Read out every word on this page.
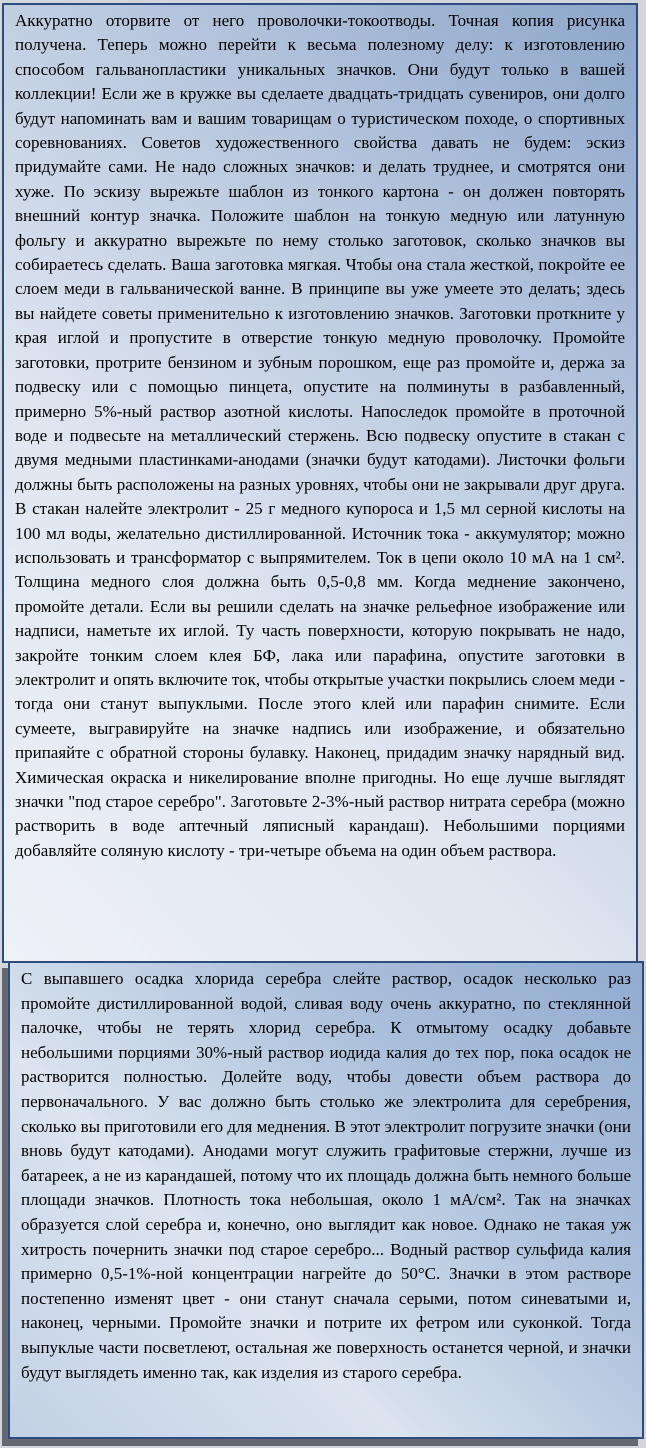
Аккуратно оторвите от него проволочки-токоотводы. Точная копия рисунка получена. Теперь можно перейти к весьма полезному делу: к изготовлению способом гальванопластики уникальных значков. Они будут только в вашей коллекции! Если же в кружке вы сделаете двадцать-тридцать сувениров, они долго будут напоминать вам и вашим товарищам о туристическом походе, о спортивных соревнованиях. Советов художественного свойства давать не будем: эскиз придумайте сами. Не надо сложных значков: и делать труднее, и смотрятся они хуже. По эскизу вырежьте шаблон из тонкого картона - он должен повторять внешний контур значка. Положите шаблон на тонкую медную или латунную фольгу и аккуратно вырежьте по нему столько заготовок, сколько значков вы собираетесь сделать. Ваша заготовка мягкая. Чтобы она стала жесткой, покройте ее слоем меди в гальванической ванне. В принципе вы уже умеете это делать; здесь вы найдете советы применительно к изготовлению значков. Заготовки проткните у края иглой и пропустите в отверстие тонкую медную проволочку. Промойте заготовки, протрите бензином и зубным порошком, еще раз промойте и, держа за подвеску или с помощью пинцета, опустите на полминуты в разбавленный, примерно 5%-ный раствор азотной кислоты. Напоследок промойте в проточной воде и подвесьте на металлический стержень. Всю подвеску опустите в стакан с двумя медными пластинками-анодами (значки будут катодами). Листочки фольги должны быть расположены на разных уровнях, чтобы они не закрывали друг друга. В стакан налейте электролит - 25 г медного купороса и 1,5 мл серной кислоты на 100 мл воды, желательно дистиллированной. Источник тока - аккумулятор; можно использовать и трансформатор с выпрямителем. Ток в цепи около 10 мА на 1 см². Толщина медного слоя должна быть 0,5-0,8 мм. Когда меднение закончено, промойте детали. Если вы решили сделать на значке рельефное изображение или надписи, наметьте их иглой. Ту часть поверхности, которую покрывать не надо, закройте тонким слоем клея БФ, лака или парафина, опустите заготовки в электролит и опять включите ток, чтобы открытые участки покрылись слоем меди - тогда они станут выпуклыми. После этого клей или парафин снимите. Если сумеете, выгравируйте на значке надпись или изображение, и обязательно припаяйте с обратной стороны булавку. Наконец, придадим значку нарядный вид. Химическая окраска и никелирование вполне пригодны. Но еще лучше выглядят значки "под старое серебро". Заготовьте 2-3%-ный раствор нитрата серебра (можно растворить в воде аптечный ляписный карандаш). Небольшими порциями добавляйте соляную кислоту - три-четыре объема на один объем раствора.

С выпавшего осадка хлорида серебра слейте раствор, осадок несколько раз промойте дистиллированной водой, сливая воду очень аккуратно, по стеклянной палочке, чтобы не терять хлорид серебра. К отмытому осадку добавьте небольшими порциями 30%-ный раствор иодида калия до тех пор, пока осадок не растворится полностью. Долейте воду, чтобы довести объем раствора до первоначального. У вас должно быть столько же электролита для серебрения, сколько вы приготовили его для меднения. В этот электролит погрузите значки (они вновь будут катодами). Анодами могут служить графитовые стержни, лучше из батареек, а не из карандашей, потому что их площадь должна быть немного больше площади значков. Плотность тока небольшая, около 1 мА/см². Так на значках образуется слой серебра и, конечно, оно выглядит как новое. Однако не такая уж хитрость почернить значки под старое серебро... Водный раствор сульфида калия примерно 0,5-1%-ной концентрации нагрейте до 50°С. Значки в этом растворе постепенно изменят цвет - они станут сначала серыми, потом синеватыми и, наконец, черными. Промойте значки и потрите их фетром или суконкой. Тогда выпуклые части посветлеют, остальная же поверхность останется черной, и значки будут выглядеть именно так, как изделия из старого серебра.
